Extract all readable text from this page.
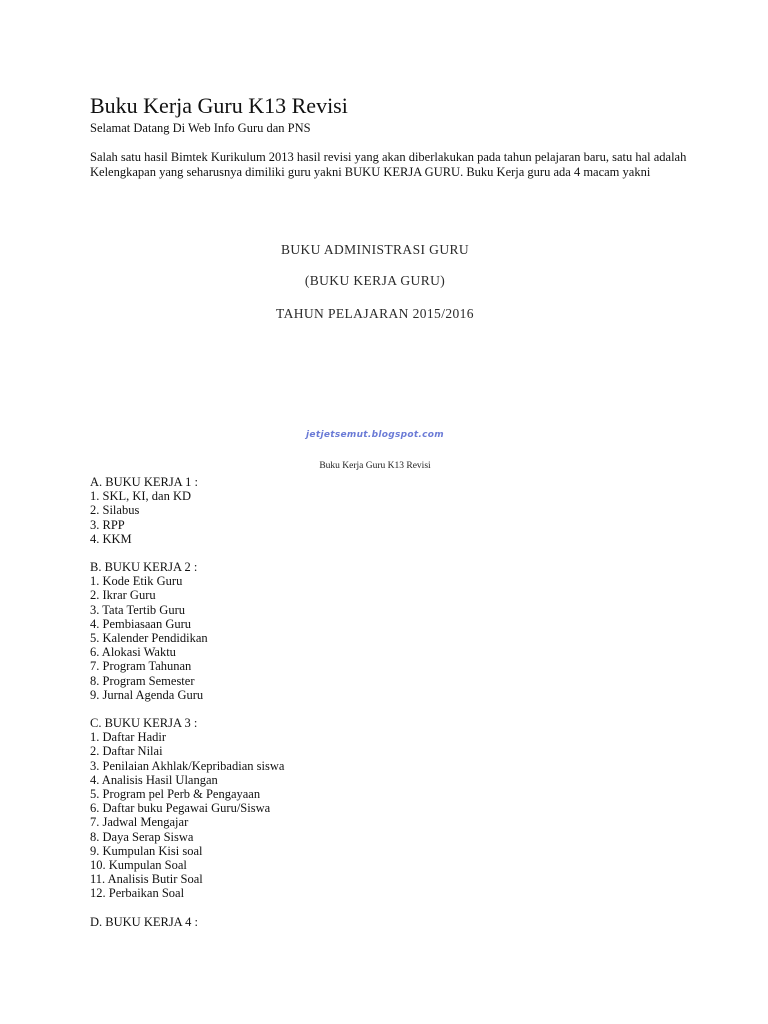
Buku Kerja Guru K13 Revisi

Selamat Datang Di Web Info Guru dan PNS

Salah satu hasil Bimtek Kurikulum 2013 hasil revisi yang akan diberlakukan pada tahun pelajaran baru, satu hal adalah
Kelengkapan yang seharusnya dimiliki guru yakni BUKU KERJA GURU. Buku Kerja guru ada 4 macam yakni

BUKU ADMINISTRASI GURU
(BUKU KERJA GURU)
TAHUN PELAJARAN 2015/2016
jetjetsemut.blogspot.com
Buku Kerja Guru K13 Revisi
A. BUKU KERJA 1 :
1. SKL, KI, dan KD
2. Silabus
3. RPP
4. KKM
B. BUKU KERJA 2 :
1. Kode Etik Guru
2. Ikrar Guru
3. Tata Tertib Guru
4. Pembiasaan Guru
5. Kalender Pendidikan
6. Alokasi Waktu
7. Program Tahunan
8. Program Semester
9. Jurnal Agenda Guru
C. BUKU KERJA 3 :
1. Daftar Hadir
2. Daftar Nilai
3. Penilaian Akhlak/Kepribadian siswa
4. Analisis Hasil Ulangan
5. Program pel Perb & Pengayaan
6. Daftar buku Pegawai Guru/Siswa
7. Jadwal Mengajar
8. Daya Serap Siswa
9. Kumpulan Kisi soal
10. Kumpulan Soal
11. Analisis Butir Soal
12. Perbaikan Soal
D. BUKU KERJA 4 :
